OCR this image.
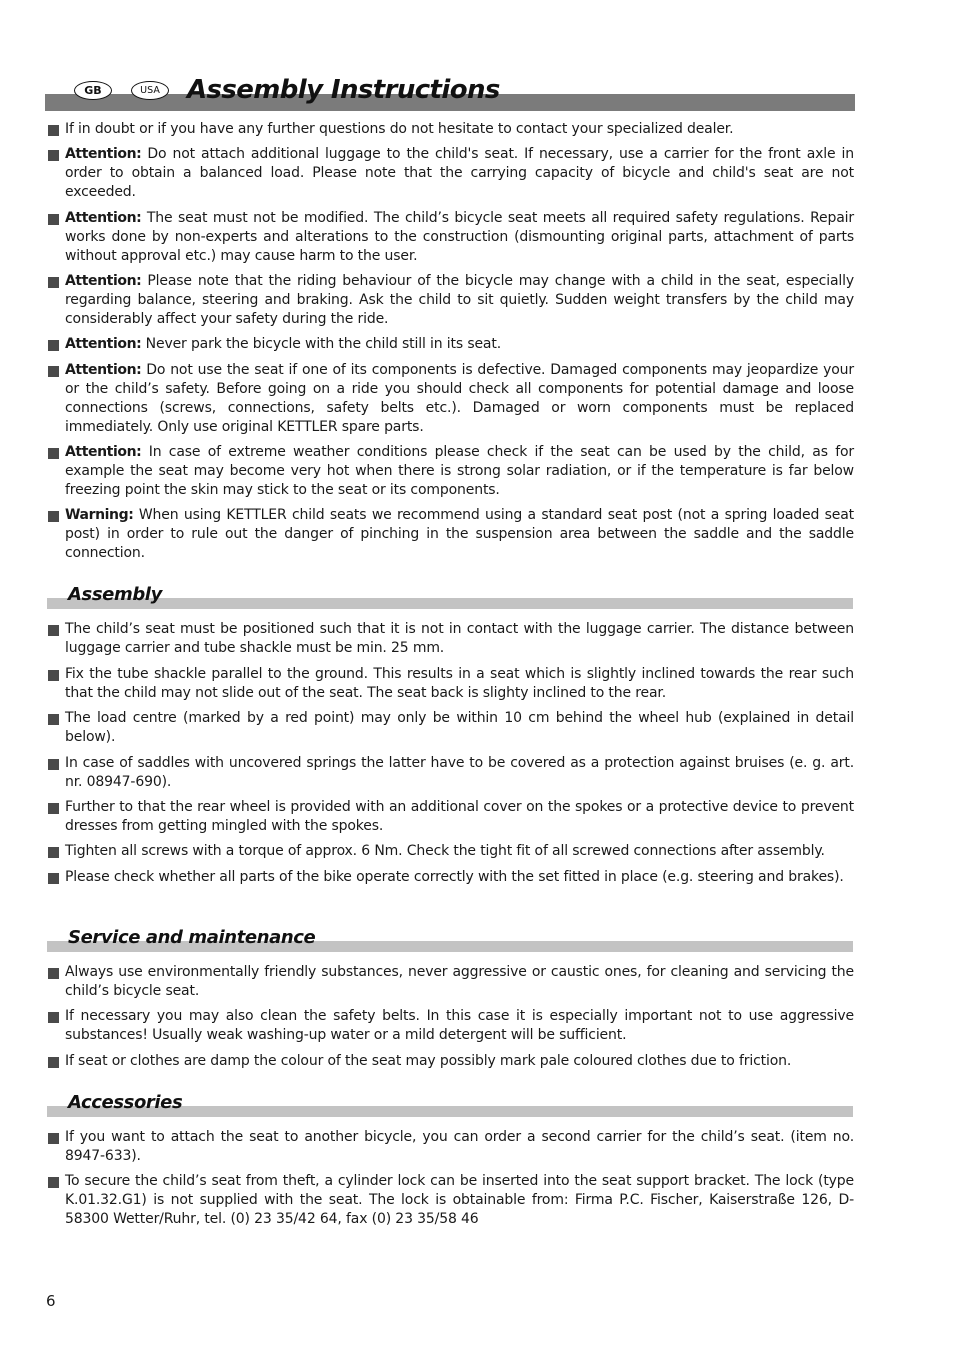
GB	USA	Assembly Instructions
If in doubt or if you have any further questions do not hesitate to contact your specialized dealer.
Attention: Do not attach additional luggage to the child's seat. If necessary, use a carrier for the front axle in order to obtain a balanced load. Please note that the carrying capacity of bicycle and child's seat are not exceeded.
Attention: The seat must not be modified. The child’s bicycle seat meets all required safety regulations. Repair works done by non-experts and alterations to the construction (dismounting original parts, attachment of parts without approval etc.) may cause harm to the user.
Attention: Please note that the riding behaviour of the bicycle may change with a child in the seat, especially regarding balance, steering and braking. Ask the child to sit quietly. Sudden weight transfers by the child may considerably affect your safety during the ride.
Attention: Never park the bicycle with the child still in its seat.
Attention: Do not use the seat if one of its components is defective. Damaged components may jeopardize your or the child’s safety. Before going on a ride you should check all components for potential damage and loose connections (screws, connections, safety belts etc.). Damaged or worn components must be replaced immediately. Only use original KETTLER spare parts.
Attention: In case of extreme weather conditions please check if the seat can be used by the child, as for example the seat may become very hot when there is strong solar radiation, or if the temperature is far below freezing point the skin may stick to the seat or its components.
Warning: When using KETTLER child seats we recommend using a standard seat post (not a spring loaded seat post) in order to rule out the danger of pinching in the suspension area between the saddle and the saddle connection.
Assembly
The child’s seat must be positioned such that it is not in contact with the luggage carrier. The distance between luggage carrier and tube shackle must be min. 25 mm.
Fix the tube shackle parallel to the ground. This results in a seat which is slightly inclined towards the rear such that the child may not slide out of the seat. The seat back is slighty inclined to the rear.
The load centre (marked by a red point) may only be within 10 cm behind the wheel hub (explained in detail below).
In case of saddles with uncovered springs the latter have to be covered as a protection against bruises (e. g. art. nr. 08947-690).
Further to that the rear wheel is provided with an additional cover on the spokes or a protective device to prevent dresses from getting mingled with the spokes.
Tighten all screws with a torque of approx. 6 Nm. Check the tight fit of all screwed connections after assembly.
Please check whether all parts of the bike operate correctly with the set fitted in place (e.g. steering and brakes).
Service and maintenance
Always use environmentally friendly substances, never aggressive or caustic ones, for cleaning and servicing the child’s bicycle seat.
If necessary you may also clean the safety belts. In this case it is especially important not to use aggressive substances! Usually weak washing-up water or a mild detergent will be sufficient.
If seat or clothes are damp the colour of the seat may possibly mark pale coloured clothes due to friction.
Accessories
If you want to attach the seat to another bicycle, you can order a second carrier for the child’s seat. (item no. 8947-633).
To secure the child’s seat from theft, a cylinder lock can be inserted into the seat support bracket. The lock (type K.01.32.G1) is not supplied with the seat. The lock is obtainable from: Firma P.C. Fischer, Kaiserstraße 126, D-58300 Wetter/Ruhr, tel. (0) 23 35/42 64, fax (0) 23 35/58 46
6
